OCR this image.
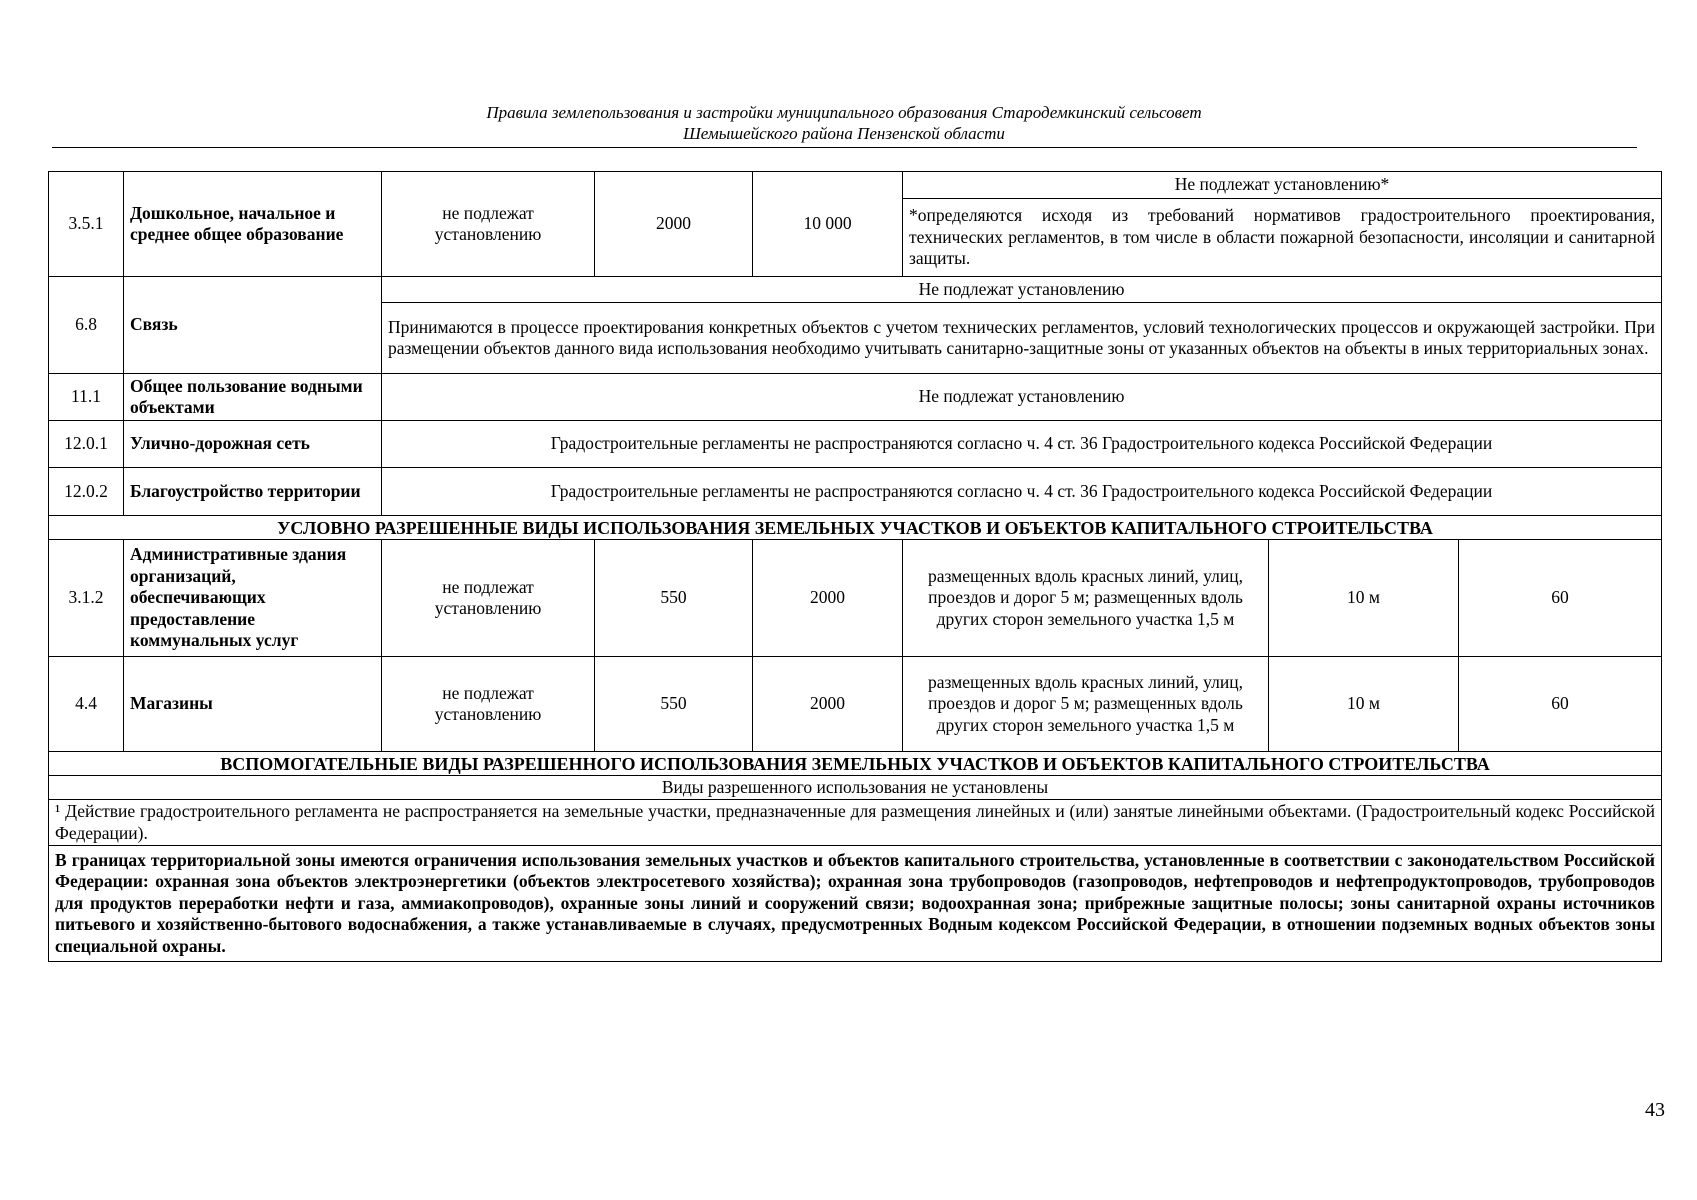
Правила землепользования и застройки муниципального образования Стародемкинский сельсовет
Шемышейского района Пензенской области
3.5.1	Дошкольное, начальное и среднее общее образование	не подлежат установлению	2000	10 000	Не подлежат установлению*		
					*определяются исходя из требований нормативов градостроительного проектирования, технических регламентов, в том числе в области пожарной безопасности, инсоляции и санитарной защиты.		
6.8	Связь	Не подлежат установлению					
		Принимаются в процессе проектирования конкретных объектов с учетом технических регламентов, условий технологических процессов и окружающей застройки. При размещении объектов данного вида использования необходимо учитывать санитарно-защитные зоны от указанных объектов на объекты в иных территориальных зонах.					
11.1	Общее пользование водными объектами	Не подлежат установлению					
12.0.1	Улично-дорожная сеть	Градостроительные регламенты не распространяются согласно ч. 4 ст. 36 Градостроительного кодекса Российской Федерации					
12.0.2	Благоустройство территории	Градостроительные регламенты не распространяются согласно ч. 4 ст. 36 Градостроительного кодекса Российской Федерации					
УСЛОВНО РАЗРЕШЕННЫЕ ВИДЫ ИСПОЛЬЗОВАНИЯ ЗЕМЕЛЬНЫХ УЧАСТКОВ И ОБЪЕКТОВ КАПИТАЛЬНОГО СТРОИТЕЛЬСТВА							
3.1.2	Административные здания организаций, обеспечивающих предоставление коммунальных услуг	не подлежат установлению	550	2000	размещенных вдоль красных линий, улиц, проездов и дорог 5 м; размещенных вдоль других сторон земельного участка 1,5 м	10 м	60
4.4	Магазины	не подлежат установлению	550	2000	размещенных вдоль красных линий, улиц, проездов и дорог 5 м; размещенных вдоль других сторон земельного участка 1,5 м	10 м	60
ВСПОМОГАТЕЛЬНЫЕ ВИДЫ РАЗРЕШЕННОГО ИСПОЛЬЗОВАНИЯ ЗЕМЕЛЬНЫХ УЧАСТКОВ И ОБЪЕКТОВ КАПИТАЛЬНОГО СТРОИТЕЛЬСТВА							
Виды разрешенного использования не установлены							
¹ Действие градостроительного регламента не распространяется на земельные участки, предназначенные для размещения линейных и (или) занятые линейными объектами. (Градостроительный кодекс Российской Федерации).							
В границах территориальной зоны имеются ограничения использования земельных участков и объектов капитального строительства, установленные в соответствии с законодательством Российской Федерации: охранная зона объектов электроэнергетики (объектов электросетевого хозяйства); охранная зона трубопроводов (газопроводов, нефтепроводов и нефтепродуктопроводов, трубопроводов для продуктов переработки нефти и газа, аммиакопроводов), охранные зоны линий и сооружений связи; водоохранная зона; прибрежные защитные полосы; зоны санитарной охраны источников питьевого и хозяйственно-бытового водоснабжения, а также устанавливаемые в случаях, предусмотренных Водным кодексом Российской Федерации, в отношении подземных водных объектов зоны специальной охраны.							
43
